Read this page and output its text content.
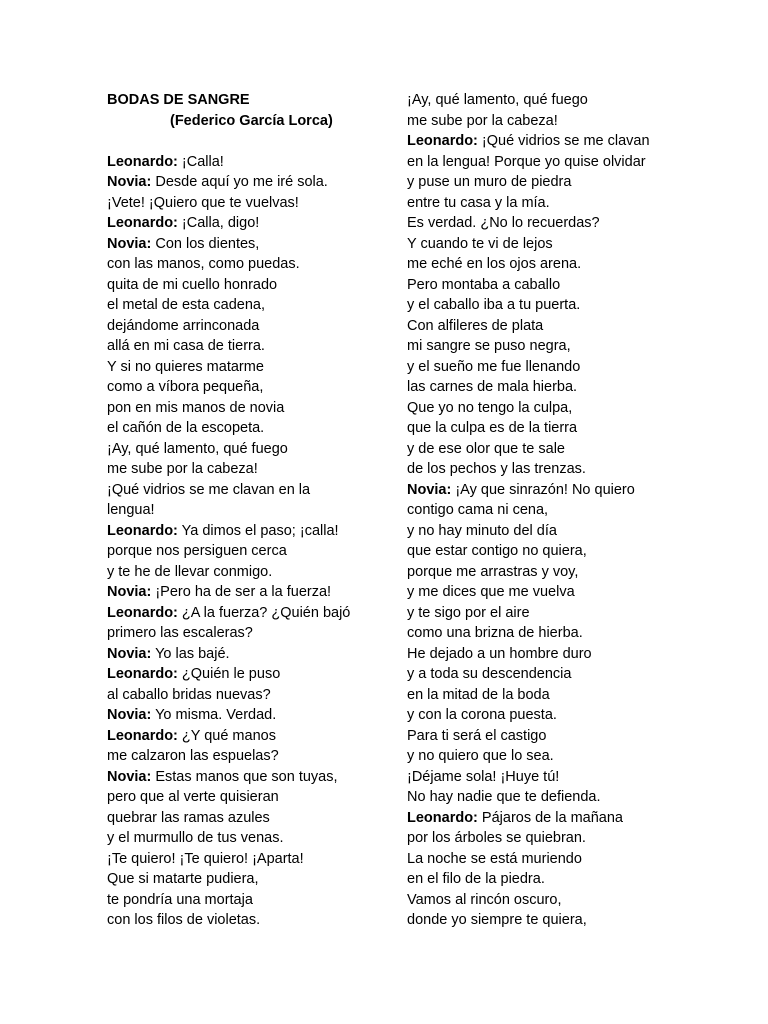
BODAS DE SANGRE
(Federico García Lorca)
Leonardo: ¡Calla!
Novia: Desde aquí yo me iré sola.
¡Vete! ¡Quiero que te vuelvas!
Leonardo: ¡Calla, digo!
Novia: Con los dientes,
con las manos, como puedas.
quita de mi cuello honrado
el metal de esta cadena,
dejándome arrinconada
allá en mi casa de tierra.
Y si no quieres matarme
como a víbora pequeña,
pon en mis manos de novia
el cañón de la escopeta.
¡Ay, qué lamento, qué fuego
me sube por la cabeza!
¡Qué vidrios se me clavan en la
lengua!
Leonardo: Ya dimos el paso; ¡calla!
porque nos persiguen cerca
y te he de llevar conmigo.
Novia: ¡Pero ha de ser a la fuerza!
Leonardo: ¿A la fuerza? ¿Quién bajó
primero las escaleras?
Novia: Yo las bajé.
Leonardo: ¿Quién le puso
al caballo bridas nuevas?
Novia: Yo misma. Verdad.
Leonardo: ¿Y qué manos
me calzaron las espuelas?
Novia: Estas manos que son tuyas,
pero que al verte quisieran
quebrar las ramas azules
y el murmullo de tus venas.
¡Te quiero! ¡Te quiero! ¡Aparta!
Que si matarte pudiera,
te pondría una mortaja
con los filos de violetas.
¡Ay, qué lamento, qué fuego
me sube por la cabeza!
Leonardo: ¡Qué vidrios se me clavan
en la lengua! Porque yo quise olvidar
y puse un muro de piedra
entre tu casa y la mía.
Es verdad. ¿No lo recuerdas?
Y cuando te vi de lejos
me eché en los ojos arena.
Pero montaba a caballo
y el caballo iba a tu puerta.
Con alfileres de plata
mi sangre se puso negra,
y el sueño me fue llenando
las carnes de mala hierba.
Que yo no tengo la culpa,
que la culpa es de la tierra
y de ese olor que te sale
de los pechos y las trenzas.
Novia: ¡Ay que sinrazón! No quiero
contigo cama ni cena,
y no hay minuto del día
que estar contigo no quiera,
porque me arrastras y voy,
y me dices que me vuelva
y te sigo por el aire
como una brizna de hierba.
He dejado a un hombre duro
y a toda su descendencia
en la mitad de la boda
y con la corona puesta.
Para ti será el castigo
y no quiero que lo sea.
¡Déjame sola! ¡Huye tú!
No hay nadie que te defienda.
Leonardo: Pájaros de la mañana
por los árboles se quiebran.
La noche se está muriendo
en el filo de la piedra.
Vamos al rincón oscuro,
donde yo siempre te quiera,
